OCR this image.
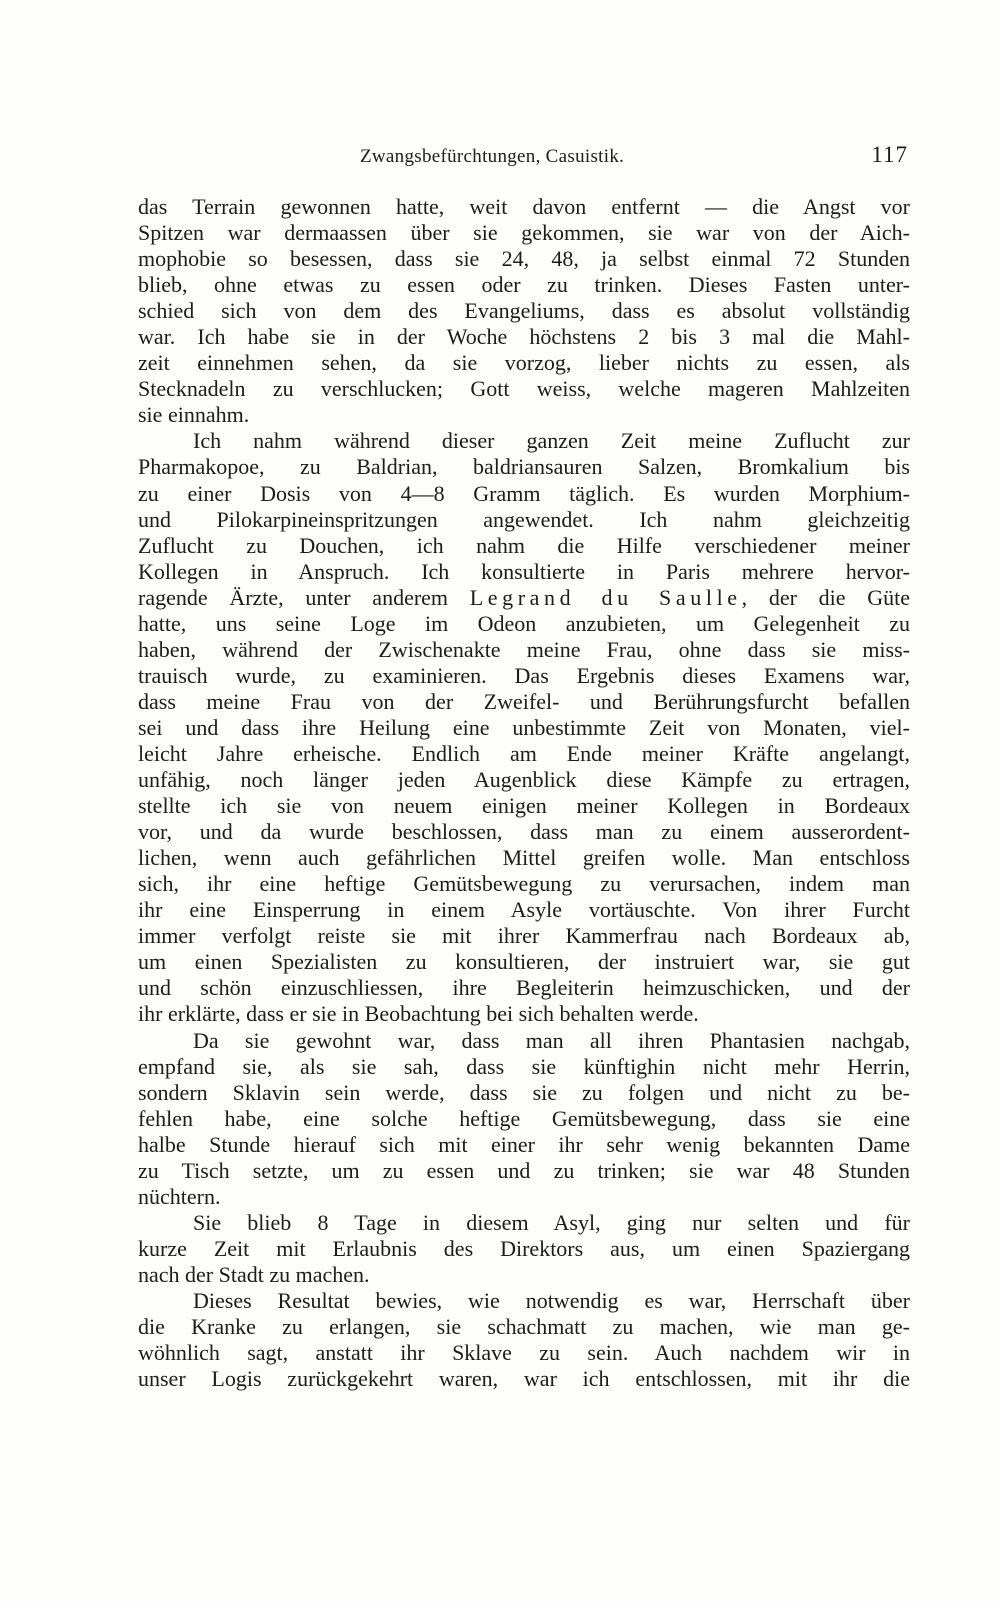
Zwangsbefürchtungen, Casuistik.	117
das Terrain gewonnen hatte, weit davon entfernt — die Angst vor
Spitzen war dermaassen über sie gekommen, sie war von der Aich-
mophobie so besessen, dass sie 24, 48, ja selbst einmal 72 Stunden
blieb, ohne etwas zu essen oder zu trinken. Dieses Fasten unter-
schied sich von dem des Evangeliums, dass es absolut vollständig
war. Ich habe sie in der Woche höchstens 2 bis 3 mal die Mahl-
zeit einnehmen sehen, da sie vorzog, lieber nichts zu essen, als
Stecknadeln zu verschlucken; Gott weiss, welche mageren Mahlzeiten
sie einnahm.
Ich nahm während dieser ganzen Zeit meine Zuflucht zur
Pharmakopoe, zu Baldrian, baldriansauren Salzen, Bromkalium bis
zu einer Dosis von 4—8 Gramm täglich. Es wurden Morphium-
und Pilokarpineinspritzungen angewendet. Ich nahm gleichzeitig
Zuflucht zu Douchen, ich nahm die Hilfe verschiedener meiner
Kollegen in Anspruch. Ich konsultierte in Paris mehrere hervor-
ragende Ärzte, unter anderem Legrand du Saulle, der die Güte
hatte, uns seine Loge im Odeon anzubieten, um Gelegenheit zu
haben, während der Zwischenakte meine Frau, ohne dass sie miss-
trauisch wurde, zu examinieren. Das Ergebnis dieses Examens war,
dass meine Frau von der Zweifel- und Berührungsfurcht befallen
sei und dass ihre Heilung eine unbestimmte Zeit von Monaten, viel-
leicht Jahre erheische. Endlich am Ende meiner Kräfte angelangt,
unfähig, noch länger jeden Augenblick diese Kämpfe zu ertragen,
stellte ich sie von neuem einigen meiner Kollegen in Bordeaux
vor, und da wurde beschlossen, dass man zu einem ausserordent-
lichen, wenn auch gefährlichen Mittel greifen wolle. Man entschloss
sich, ihr eine heftige Gemütsbewegung zu verursachen, indem man
ihr eine Einsperrung in einem Asyle vortäuschte. Von ihrer Furcht
immer verfolgt reiste sie mit ihrer Kammerfrau nach Bordeaux ab,
um einen Spezialisten zu konsultieren, der instruiert war, sie gut
und schön einzuschliessen, ihre Begleiterin heimzuschicken, und der
ihr erklärte, dass er sie in Beobachtung bei sich behalten werde.
Da sie gewohnt war, dass man all ihren Phantasien nachgab,
empfand sie, als sie sah, dass sie künftighin nicht mehr Herrin,
sondern Sklavin sein werde, dass sie zu folgen und nicht zu be-
fehlen habe, eine solche heftige Gemütsbewegung, dass sie eine
halbe Stunde hierauf sich mit einer ihr sehr wenig bekannten Dame
zu Tisch setzte, um zu essen und zu trinken; sie war 48 Stunden
nüchtern.
Sie blieb 8 Tage in diesem Asyl, ging nur selten und für
kurze Zeit mit Erlaubnis des Direktors aus, um einen Spaziergang
nach der Stadt zu machen.
Dieses Resultat bewies, wie notwendig es war, Herrschaft über
die Kranke zu erlangen, sie schachmatt zu machen, wie man ge-
wöhnlich sagt, anstatt ihr Sklave zu sein. Auch nachdem wir in
unser Logis zurückgekehrt waren, war ich entschlossen, mit ihr die
